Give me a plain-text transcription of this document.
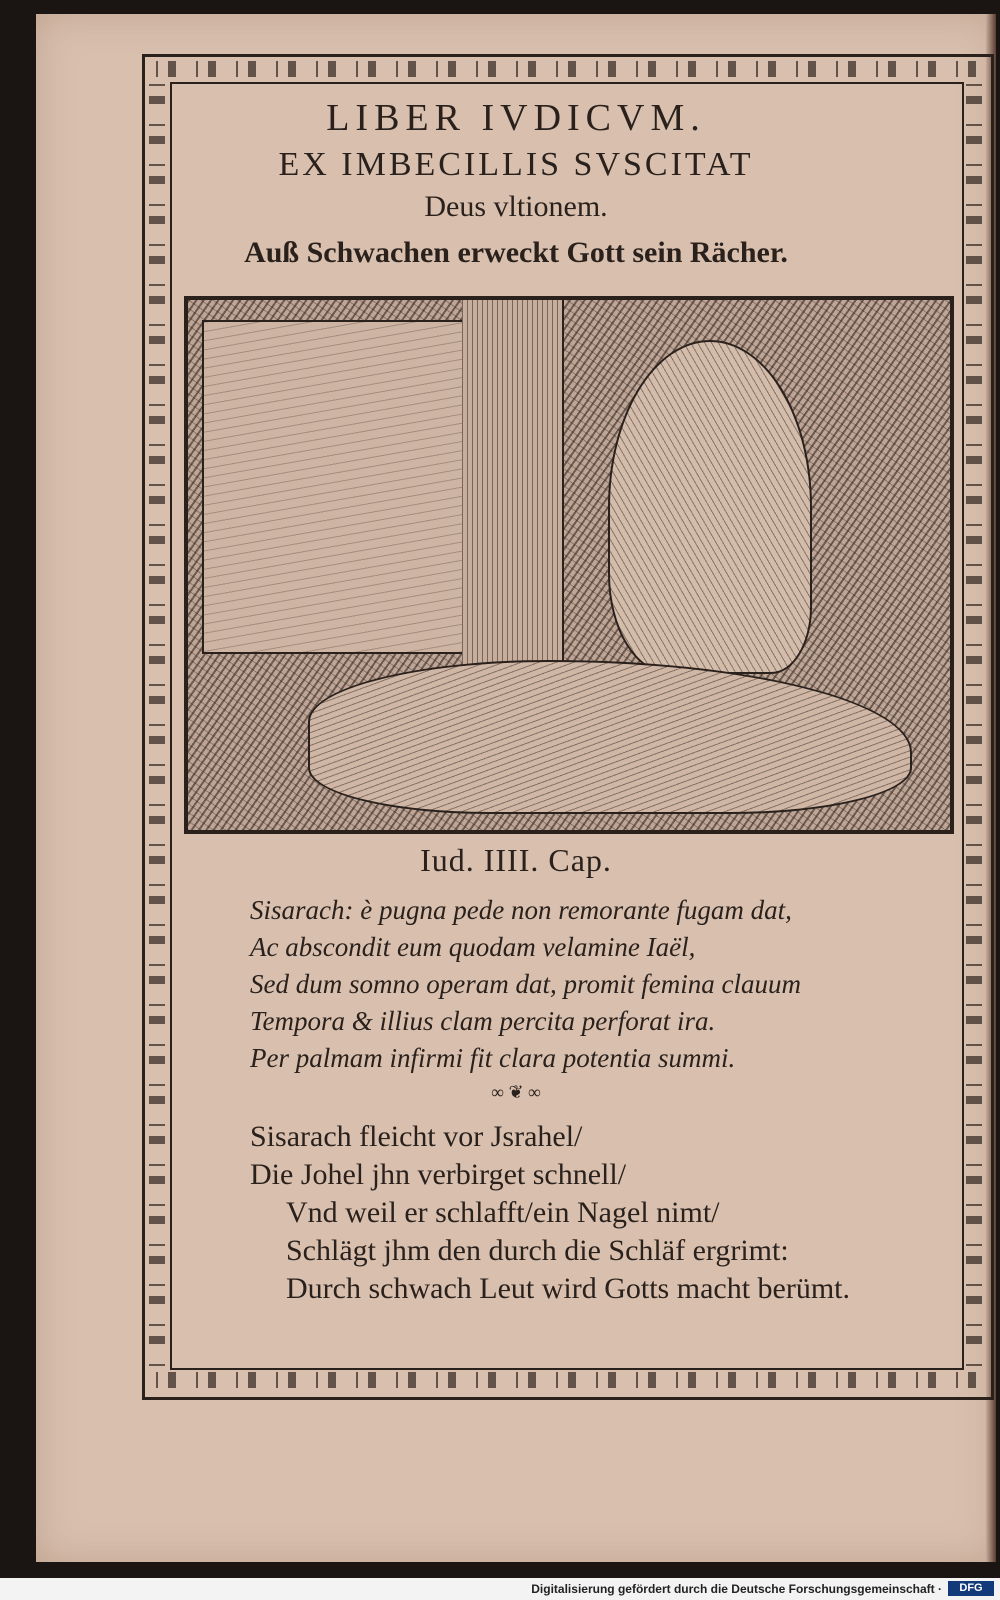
LIBER IVDICVM.
EX IMBECILLIS SVSCITAT
Deus vltionem.
Auß Schwachen erweckt Gott sein Rächer.
Iud. IIII. Cap.
Sisarach: è pugna pede non remorante fugam dat,
Ac abscondit eum quodam velamine Iaël,
Sed dum somno operam dat, promit femina clauum
Tempora & illius clam percita perforat ira.
Per palmam infirmi fit clara potentia summi.
∞ ❦ ∞
Sisarach fleicht vor Jsrahel/
Die Johel jhn verbirget schnell/
Vnd weil er schlafft/ein Nagel nimt/
Schlägt jhm den durch die Schläf ergrimt:
Durch schwach Leut wird Gotts macht berümt.
Digitalisierung gefördert durch die Deutsche Forschungsgemeinschaft ·	DFG
